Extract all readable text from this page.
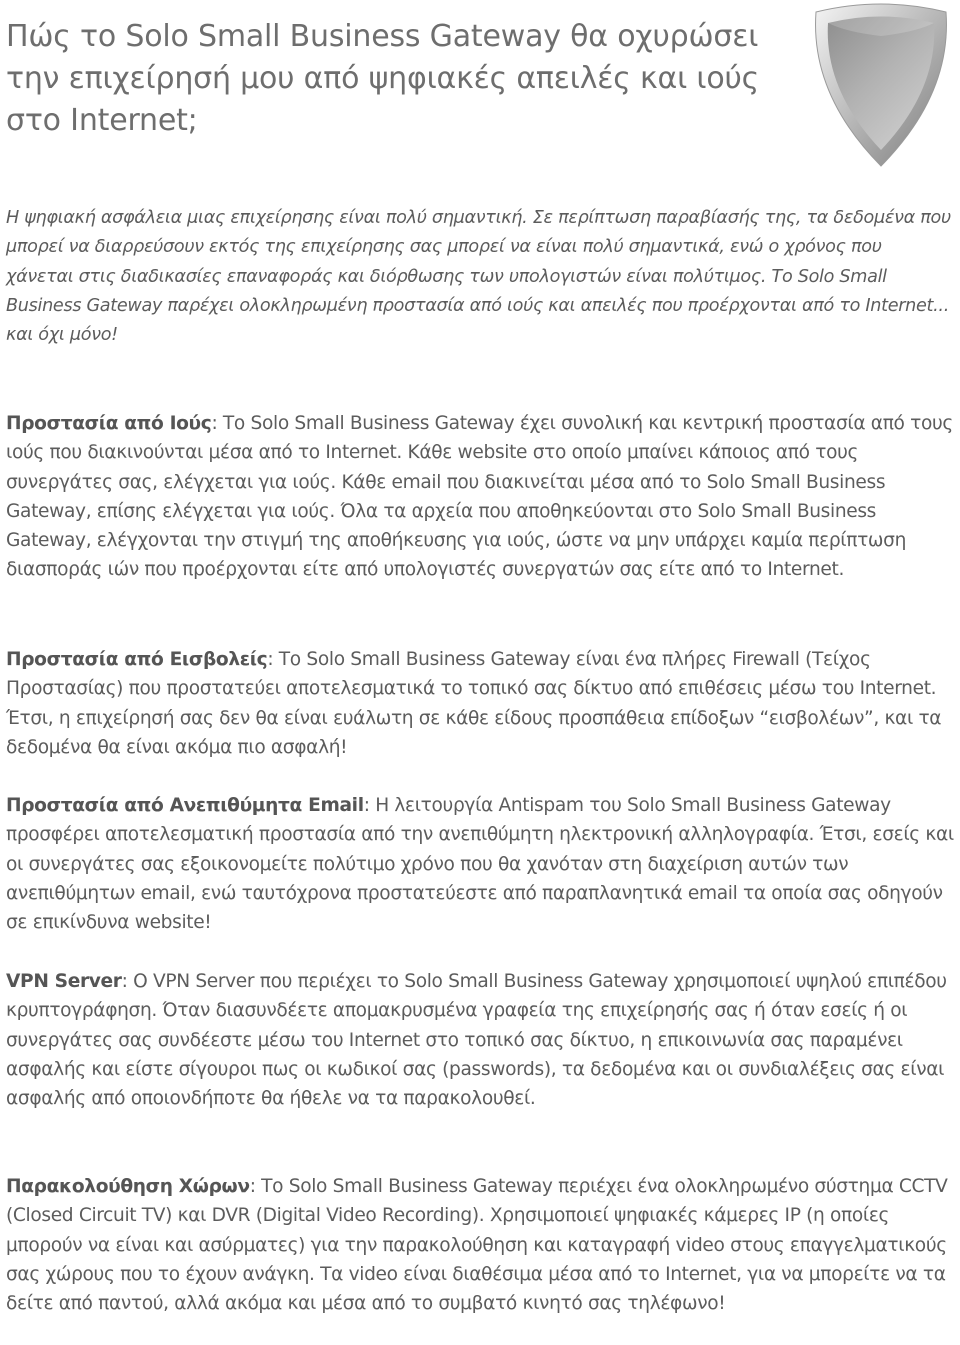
Πώς το Solo Small Business Gateway θα οχυρώσει την επιχείρησή μου από ψηφιακές απειλές και ιούς στο Internet;

Η ψηφιακή ασφάλεια μιας επιχείρησης είναι πολύ σημαντική. Σε περίπτωση παραβίασής της, τα δεδομένα που μπορεί να διαρρεύσουν εκτός της επιχείρησης σας μπορεί να είναι πολύ σημαντικά, ενώ ο χρόνος που χάνεται στις διαδικασίες επαναφοράς και διόρθωσης των υπολογιστών είναι πολύτιμος. Το Solo Small Business Gateway παρέχει ολοκληρωμένη προστασία από ιούς και απειλές που προέρχονται από το Internet... και όχι μόνο!

Προστασία από Ιούς: Το Solo Small Business Gateway έχει συνολική και κεντρική προστασία από τους ιούς που διακινούνται μέσα από το Internet. Κάθε website στο οποίο μπαίνει κάποιος από τους συνεργάτες σας, ελέγχεται για ιούς. Κάθε email που διακινείται μέσα από το Solo Small Business Gateway, επίσης ελέγχεται για ιούς. Όλα τα αρχεία που αποθηκεύονται στο Solo Small Business Gateway, ελέγχονται την στιγμή της αποθήκευσης για ιούς, ώστε να μην υπάρχει καμία περίπτωση διασποράς ιών που προέρχονται είτε από υπολογιστές συνεργατών σας είτε από το Internet.

Προστασία από Εισβολείς: Το Solo Small Business Gateway είναι ένα πλήρες Firewall (Τείχος Προστασίας) που προστατεύει αποτελεσματικά το τοπικό σας δίκτυο από επιθέσεις μέσω του Internet. Έτσι, η επιχείρησή σας δεν θα είναι ευάλωτη σε κάθε είδους προσπάθεια επίδοξων “εισβολέων”, και τα δεδομένα θα είναι ακόμα πιο ασφαλή!

Προστασία από Ανεπιθύμητα Email: Η λειτουργία Antispam του Solo Small Business Gateway προσφέρει αποτελεσματική προστασία από την ανεπιθύμητη ηλεκτρονική αλληλογραφία. Έτσι, εσείς και οι συνεργάτες σας εξοικονομείτε πολύτιμο χρόνο που θα χανόταν στη διαχείριση αυτών των ανεπιθύμητων email, ενώ ταυτόχρονα προστατεύεστε από παραπλανητικά email τα οποία σας οδηγούν σε επικίνδυνα website!

VPN Server: Ο VPN Server που περιέχει το Solo Small Business Gateway χρησιμοποιεί υψηλού επιπέδου κρυπτογράφηση. Όταν διασυνδέετε απομακρυσμένα γραφεία της επιχείρησής σας ή όταν εσείς ή οι συνεργάτες σας συνδέεστε μέσω του Internet στο τοπικό σας δίκτυο, η επικοινωνία σας παραμένει ασφαλής και είστε σίγουροι πως οι κωδικοί σας (passwords), τα δεδομένα και οι συνδιαλέξεις σας είναι ασφαλής από οποιονδήποτε θα ήθελε να τα παρακολουθεί.

Παρακολούθηση Χώρων: Το Solo Small Business Gateway περιέχει ένα ολοκληρωμένο σύστημα CCTV (Closed Circuit TV) και DVR (Digital Video Recording). Χρησιμοποιεί ψηφιακές κάμερες IP (η οποίες μπορούν να είναι και ασύρματες) για την παρακολούθηση και καταγραφή video στους επαγγελματικούς σας χώρους που το έχουν ανάγκη. Τα video είναι διαθέσιμα μέσα από το Internet, για να μπορείτε να τα δείτε από παντού, αλλά ακόμα και μέσα από το συμβατό κινητό σας τηλέφωνο!
